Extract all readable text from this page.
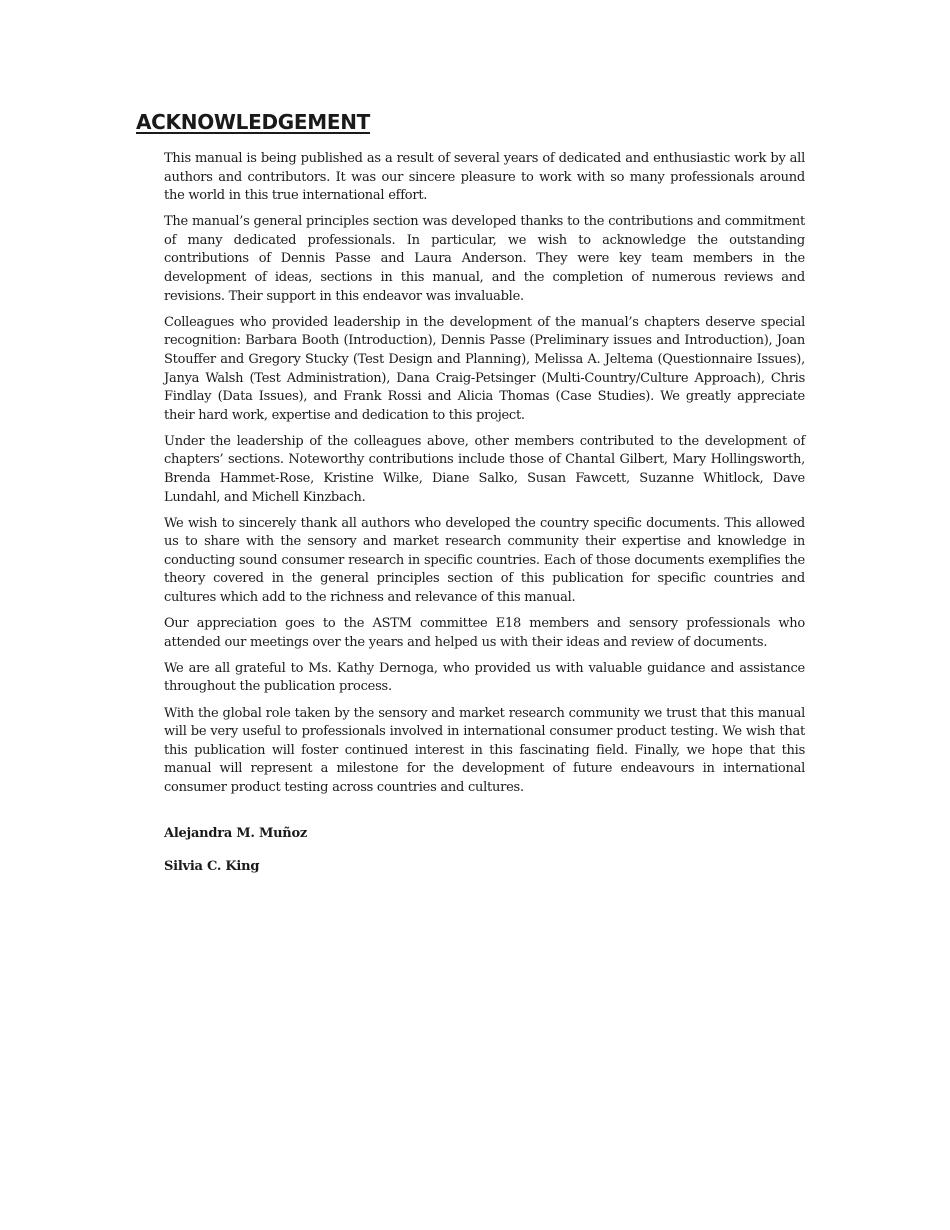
ACKNOWLEDGEMENT

This manual is being published as a result of several years of dedicated and enthusiastic work by all authors and contributors. It was our sincere pleasure to work with so many professionals around the world in this true international effort.

The manual’s general principles section was developed thanks to the contributions and commitment of many dedicated professionals. In particular, we wish to acknowledge the outstanding contributions of Dennis Passe and Laura Anderson. They were key team members in the development of ideas, sections in this manual, and the completion of numerous reviews and revisions. Their support in this endeavor was invaluable.

Colleagues who provided leadership in the development of the manual’s chapters deserve special recognition: Barbara Booth (Introduction), Dennis Passe (Preliminary issues and Introduction), Joan Stouffer and Gregory Stucky (Test Design and Planning), Melissa A. Jeltema (Questionnaire Issues), Janya Walsh (Test Administration), Dana Craig-Petsinger (Multi-Country/Culture Approach), Chris Findlay (Data Issues), and Frank Rossi and Alicia Thomas (Case Studies). We greatly appreciate their hard work, expertise and dedication to this project.

Under the leadership of the colleagues above, other members contributed to the development of chapters’ sections. Noteworthy contributions include those of Chantal Gilbert, Mary Hollingsworth, Brenda Hammet-Rose, Kristine Wilke, Diane Salko, Susan Fawcett, Suzanne Whitlock, Dave Lundahl, and Michell Kinzbach.

We wish to sincerely thank all authors who developed the country specific documents. This allowed us to share with the sensory and market research community their expertise and knowledge in conducting sound consumer research in specific countries. Each of those documents exemplifies the theory covered in the general principles section of this publication for specific countries and cultures which add to the richness and relevance of this manual.

Our appreciation goes to the ASTM committee E18 members and sensory professionals who attended our meetings over the years and helped us with their ideas and review of documents.

We are all grateful to Ms. Kathy Dernoga, who provided us with valuable guidance and assistance throughout the publication process.

With the global role taken by the sensory and market research community we trust that this manual will be very useful to professionals involved in international consumer product testing. We wish that this publication will foster continued interest in this fascinating field. Finally, we hope that this manual will represent a milestone for the development of future endeavours in international consumer product testing across countries and cultures.

Alejandra M. Muñoz

Silvia C. King
